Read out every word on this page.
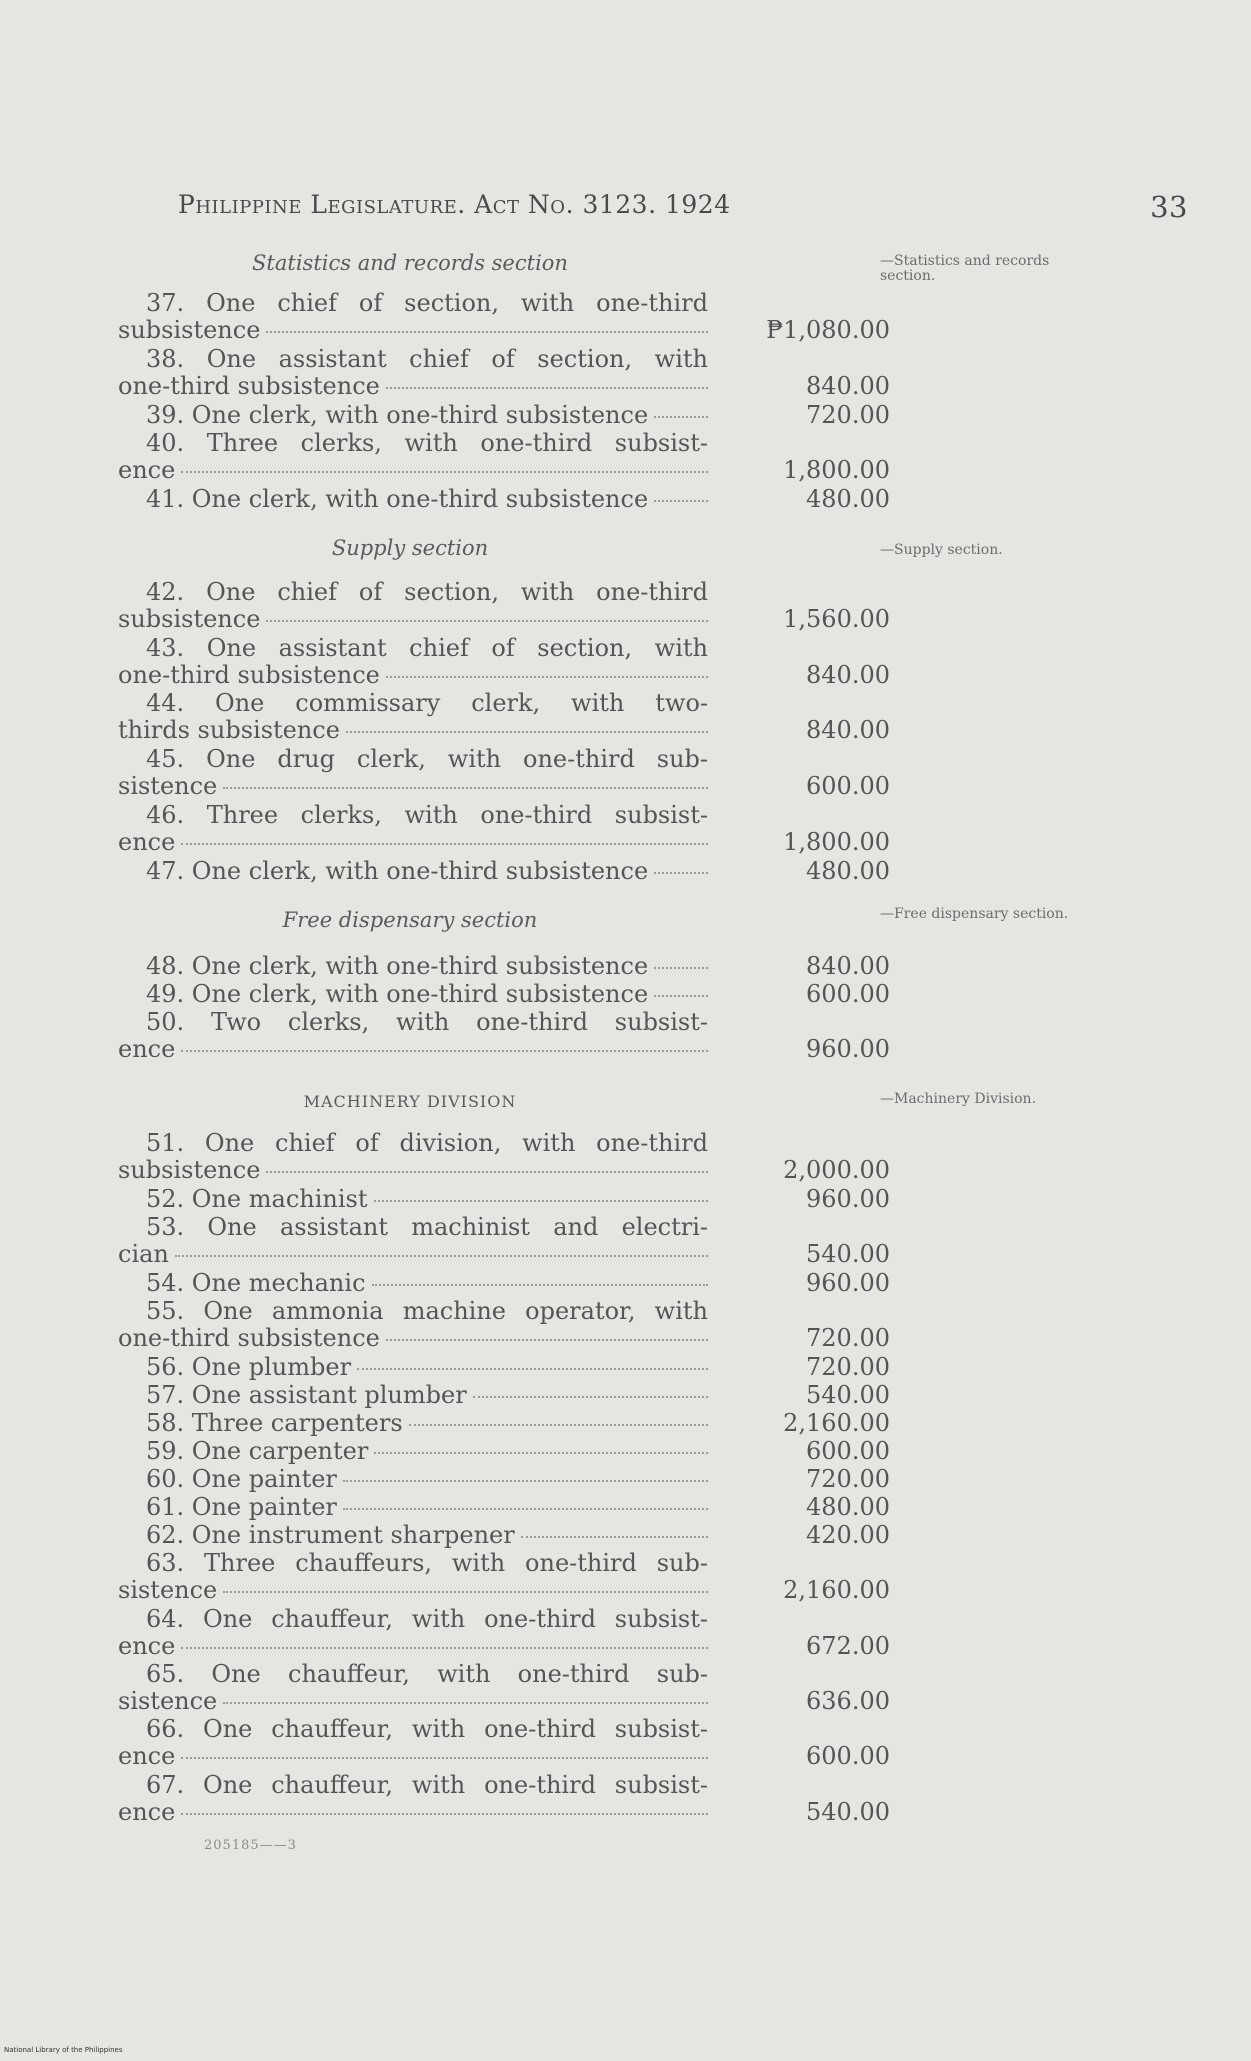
Philippine Legislature. Act No. 3123. 1924	33
Statistics and records section	—Statistics and records section.
37. One chief of section, with one-third
subsistence	₱1,080.00
38. One assistant chief of section, with
one-third subsistence	840.00
39. One clerk, with one-third subsistence	720.00
40. Three clerks, with one-third subsist-
ence	1,800.00
41. One clerk, with one-third subsistence	480.00
Supply section	—Supply section.
42. One chief of section, with one-third
subsistence	1,560.00
43. One assistant chief of section, with
one-third subsistence	840.00
44. One commissary clerk, with two-
thirds subsistence	840.00
45. One drug clerk, with one-third sub-
sistence	600.00
46. Three clerks, with one-third subsist-
ence	1,800.00
47. One clerk, with one-third subsistence	480.00
Free dispensary section	—Free dispensary section.
48. One clerk, with one-third subsistence	840.00
49. One clerk, with one-third subsistence	600.00
50. Two clerks, with one-third subsist-
ence	960.00
MACHINERY DIVISION	—Machinery Division.
51. One chief of division, with one-third
subsistence	2,000.00
52. One machinist	960.00
53. One assistant machinist and electri-
cian	540.00
54. One mechanic	960.00
55. One ammonia machine operator, with
one-third subsistence	720.00
56. One plumber	720.00
57. One assistant plumber	540.00
58. Three carpenters	2,160.00
59. One carpenter	600.00
60. One painter	720.00
61. One painter	480.00
62. One instrument sharpener	420.00
63. Three chauffeurs, with one-third sub-
sistence	2,160.00
64. One chauffeur, with one-third subsist-
ence	672.00
65. One chauffeur, with one-third sub-
sistence	636.00
66. One chauffeur, with one-third subsist-
ence	600.00
67. One chauffeur, with one-third subsist-
ence	540.00
205185——3
National Library of the Philippines
